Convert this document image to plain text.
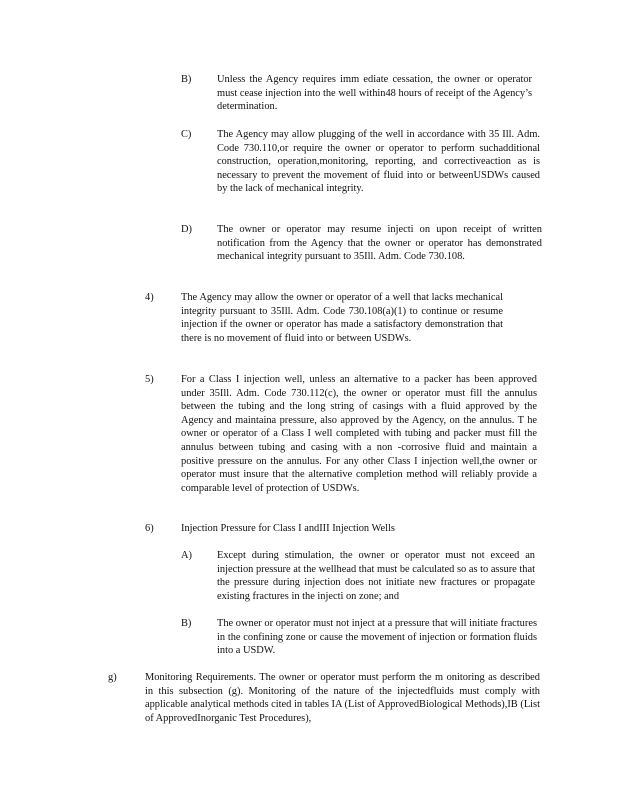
B) Unless the Agency requires imm ediate cessation, the owner or operator must cease injection into the well within48 hours of receipt of the Agency’s determination.
C) The Agency may allow plugging of the well in accordance with 35 Ill. Adm. Code 730.110,or require the owner or operator to perform suchadditional construction, operation,monitoring, reporting, and correctiveaction as is necessary to prevent the movement of fluid into or betweenUSDWs caused by the lack of mechanical integrity.
D) The owner or operator may resume injecti on upon receipt of written notification from the Agency that the owner or operator has demonstrated mechanical integrity pursuant to 35Ill. Adm. Code 730.108.
4)	The Agency may allow the owner or operator of a well that lacks mechanical integrity pursuant to 35Ill. Adm. Code 730.108(a)(1) to continue or resume injection if the owner or operator has made a satisfactory demonstration that there is no movement of fluid into or between USDWs.
5)	For a Class I injection well, unless an alternative to a packer has been approved under 35Ill. Adm. Code 730.112(c), the owner or operator must fill the annulus between the tubing and the long string of casings with a fluid approved by the Agency and maintaina pressure, also approved by the Agency, on the annulus. T he owner or operator of a Class I well completed with tubing and packer must fill the annulus between tubing and casing with a non -corrosive fluid and maintain a positive pressure on the annulus. For any other Class I injection well,the owner or operator must insure that the alternative completion method will reliably provide a comparable level of protection of USDWs.
6)	Injection Pressure for Class I andIII Injection Wells
A) Except during stimulation, the owner or operator must not exceed an injection pressure at the wellhead that must be calculated so as to assure that the pressure during injection does not initiate new fractures or propagate existing fractures in the injecti on zone; and
B) The owner or operator must not inject at a pressure that will initiate fractures in the confining zone or cause the movement of injection or formation fluids into a USDW.
g)	Monitoring Requirements. The owner or operator must perform the m onitoring as described in this subsection (g). Monitoring of the nature of the injectedfluids must comply with applicable analytical methods cited in tables IA (List of ApprovedBiological Methods),IB (List of ApprovedInorganic Test Procedures),
